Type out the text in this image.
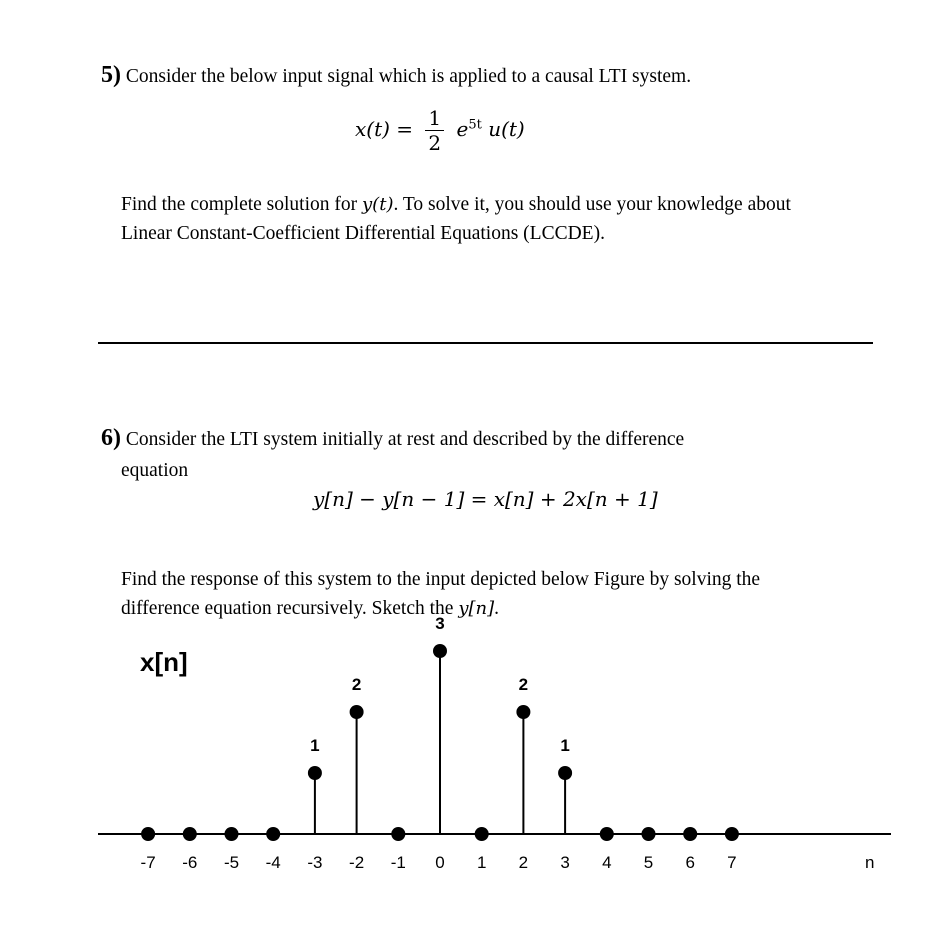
5) Consider the below input signal which is applied to a causal LTI system.
$x(t) = \frac{1}{2} e^{5t}$ u(t)
Find the complete solution for y(t). To solve it, you should use your knowledge about Linear Constant-Coefficient Differential Equations (LCCDE).
6) Consider the LTI system initially at rest and described by the difference
equation
y[n] − y[n − 1] = x[n] + 2x[n + 1]
Find the response of this system to the input depicted below Figure by solving the difference equation recursively. Sketch the y[n].
x[n]
n
-7 -6 -5 -4 -3 -2 -1 0 1 2 3 4 5 6 7
1
2
3
2
1
